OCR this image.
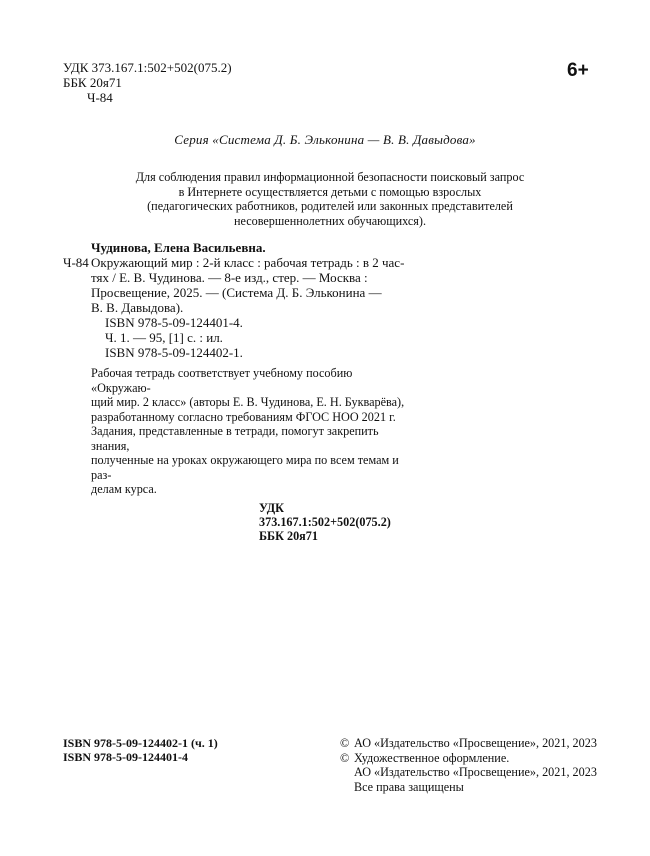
УДК 373.167.1:502+502(075.2)
ББК 20я71
Ч-84
6+
Серия «Система Д. Б. Эльконина — В. В. Давыдова»
Для соблюдения правил информационной безопасности поисковый запрос
в Интернете осуществляется детьми с помощью взрослых
(педагогических работников, родителей или законных представителей
несовершеннолетних обучающихся).
Чудинова, Елена Васильевна.
Ч-84 Окружающий мир : 2-й класс : рабочая тетрадь : в 2 час-
тях / Е. В. Чудинова. — 8-е изд., стер. — Москва :
Просвещение, 2025. — (Система Д. Б. Эльконина —
В. В. Давыдова).
ISBN 978-5-09-124401-4.
Ч. 1. — 95, [1] с. : ил.
ISBN 978-5-09-124402-1.
Рабочая тетрадь соответствует учебному пособию «Окружаю-
щий мир. 2 класс» (авторы Е. В. Чудинова, Е. Н. Букварёва),
разработанному согласно требованиям ФГОС НОО 2021 г.
Задания, представленные в тетради, помогут закрепить знания,
полученные на уроках окружающего мира по всем темам и раз-
делам курса.
УДК 373.167.1:502+502(075.2)
ББК 20я71
ISBN 978-5-09-124402-1 (ч. 1)
ISBN 978-5-09-124401-4
© АО «Издательство «Просвещение», 2021, 2023
© Художественное оформление.
АО «Издательство «Просвещение», 2021, 2023
Все права защищены
